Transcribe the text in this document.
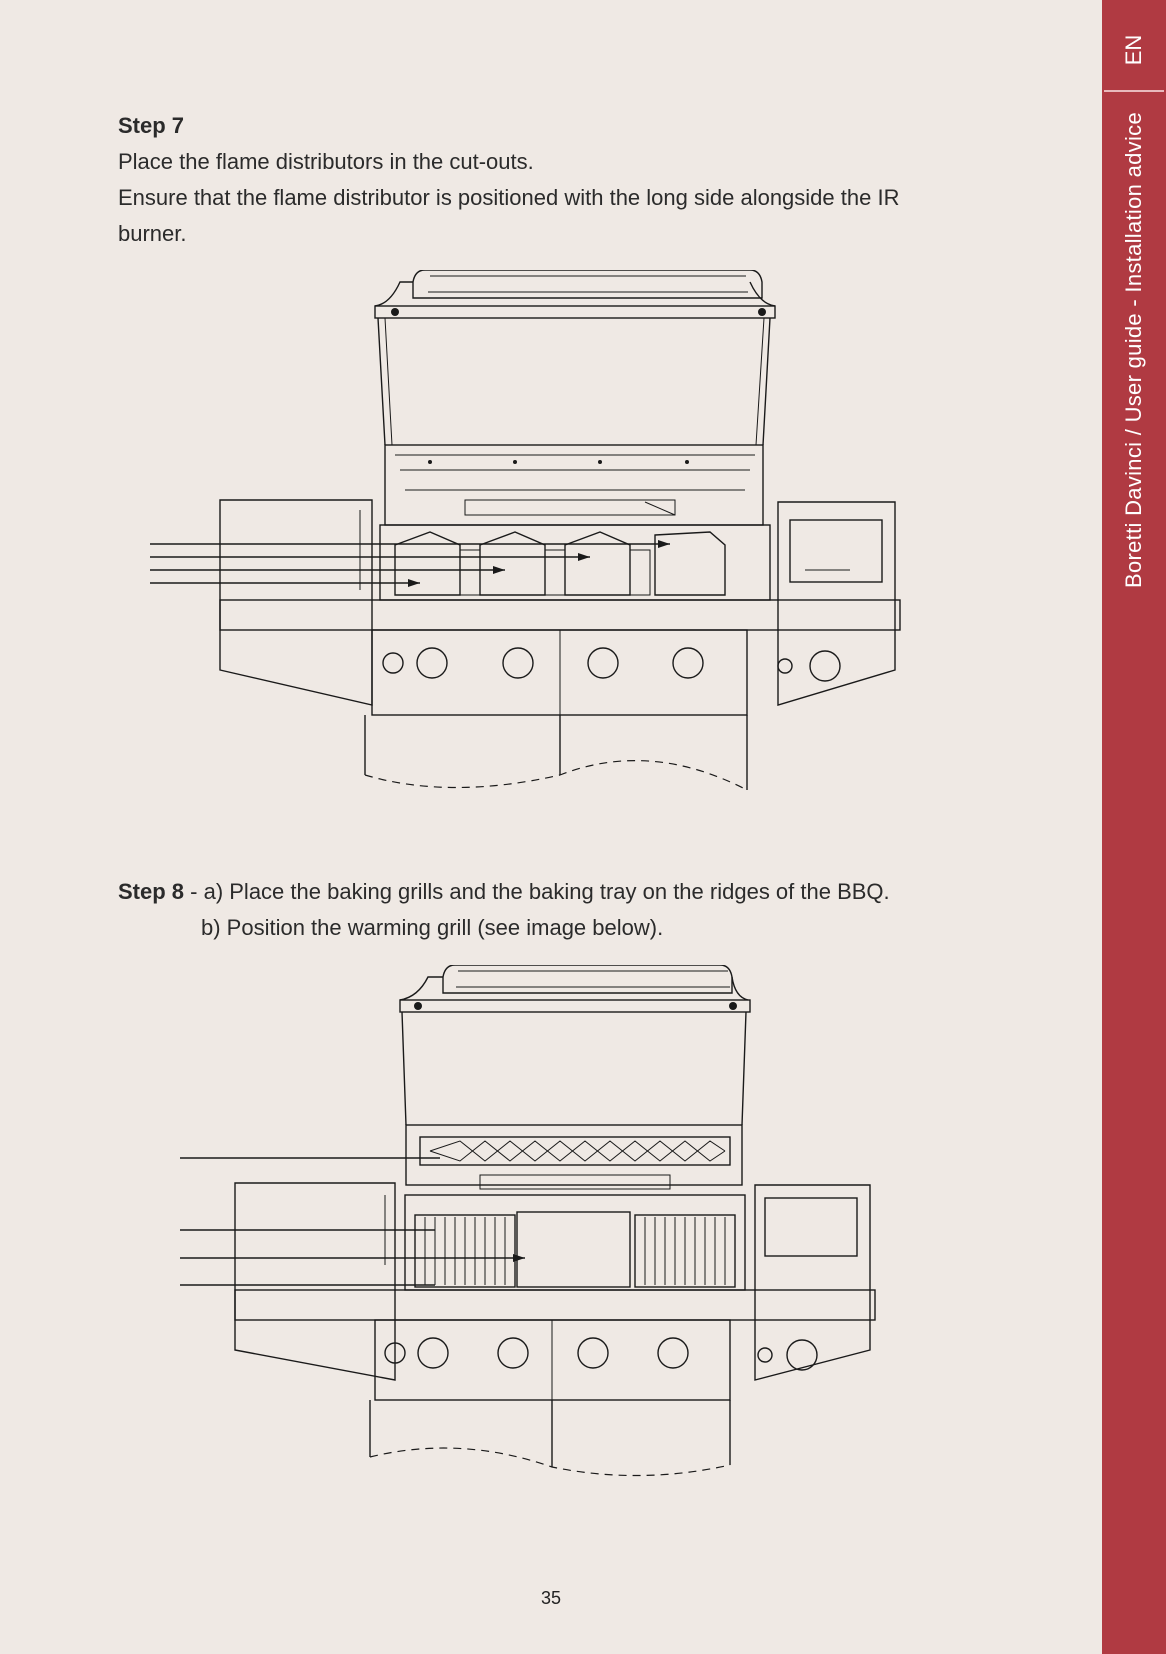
EN
Boretti Davinci / User guide - Installation advice
Step 7
Place the flame distributors in the cut-outs.
Ensure that the flame distributor is positioned with the long side alongside the IR
burner.
Step 8 - a) Place the baking grills and the baking tray on the ridges of the BBQ.
b) Position the warming grill (see image below).
35
